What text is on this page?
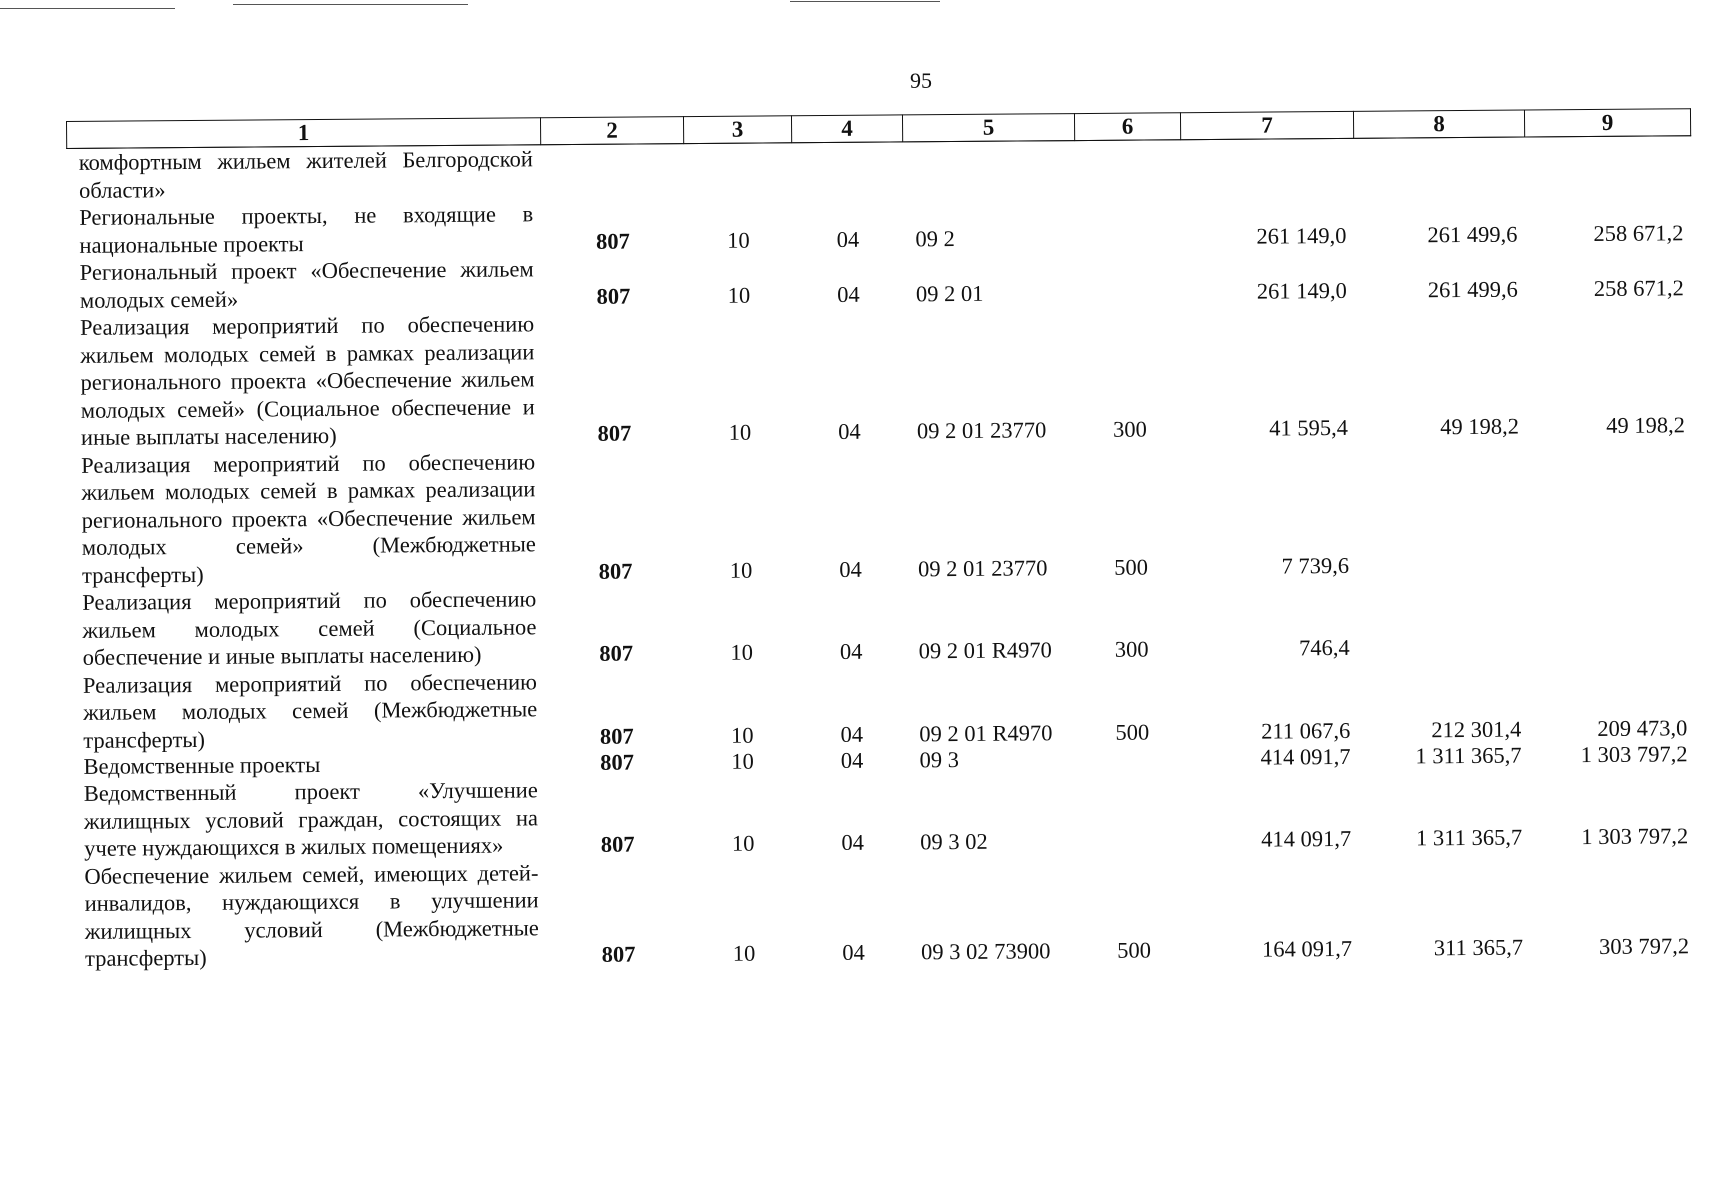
95
1	2	3	4	5	6	7	8	9
комфортным жильем жителей Белгородской области»								
Региональные проекты, не входящие в национальные проекты	807	10	04	09 2		261 149,0	261 499,6	258 671,2
Региональный проект «Обеспечение жильем молодых семей»	807	10	04	09 2 01		261 149,0	261 499,6	258 671,2
Реализация мероприятий по обеспечению жильем молодых семей в рамках реализации регионального проекта «Обеспечение жильем молодых семей» (Социальное обеспечение и иные выплаты населению)	807	10	04	09 2 01 23770	300	41 595,4	49 198,2	49 198,2
Реализация мероприятий по обеспечению жильем молодых семей в рамках реализации регионального проекта «Обеспечение жильем молодых семей» (Межбюджетные трансферты)	807	10	04	09 2 01 23770	500	7 739,6		
Реализация мероприятий по обеспечению жильем молодых семей (Социальное обеспечение и иные выплаты населению)	807	10	04	09 2 01 R4970	300	746,4		
Реализация мероприятий по обеспечению жильем молодых семей (Межбюджетные трансферты)	807	10	04	09 2 01 R4970	500	211 067,6	212 301,4	209 473,0
Ведомственные проекты	807	10	04	09 3		414 091,7	1 311 365,7	1 303 797,2
Ведомственный проект «Улучшение жилищных условий граждан, состоящих на учете нуждающихся в жилых помещениях»	807	10	04	09 3 02		414 091,7	1 311 365,7	1 303 797,2
Обеспечение жильем семей, имеющих детей-инвалидов, нуждающихся в улучшении жилищных условий (Межбюджетные трансферты)	807	10	04	09 3 02 73900	500	164 091,7	311 365,7	303 797,2
